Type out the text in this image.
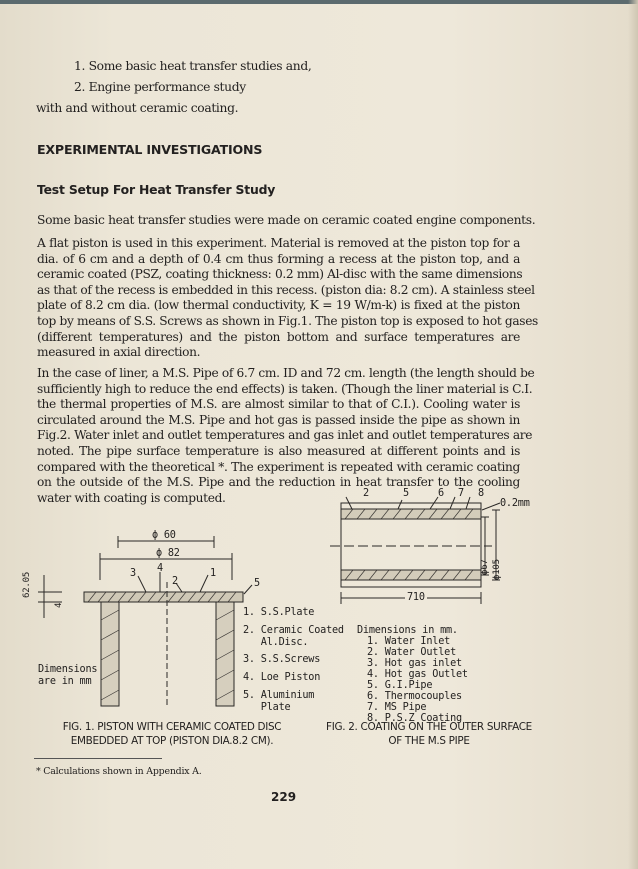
1. Some basic heat transfer studies and,
2. Engine performance study
with and without ceramic coating.
EXPERIMENTAL INVESTIGATIONS
Test Setup For Heat Transfer Study
Some basic heat transfer studies were made on ceramic coated engine components.
A flat piston is used in this experiment. Material is removed at the piston top for a
dia. of 6 cm and a depth of 0.4 cm thus forming a recess at the piston top, and a
ceramic coated (PSZ, coating thickness: 0.2 mm) Al-disc with the same dimensions
as that of the recess is embedded in this recess. (piston dia: 8.2 cm). A stainless steel
plate of 8.2 cm dia. (low thermal conductivity, K = 19 W/m-k) is fixed at the piston
top by means of S.S. Screws as shown in Fig.1. The piston top is exposed to hot gases
(different temperatures) and the piston bottom and surface temperatures are
measured in axial direction.
In the case of liner, a M.S. Pipe of 6.7 cm. ID and 72 cm. length (the length should be
sufficiently high to reduce the end effects) is taken. (Though the liner material is C.I.
the thermal properties of M.S. are almost similar to that of C.I.). Cooling water is
circulated around the M.S. Pipe and hot gas is passed inside the pipe as shown in
Fig.2. Water inlet and outlet temperatures and gas inlet and outlet temperatures are
noted. The pipe surface temperature is also measured at different points and is
compared with the theoretical *. The experiment is repeated with ceramic coating
on the outside of the M.S. Pipe and the reduction in heat transfer to the cooling
water with coating is computed.
ϕ 60
ϕ 82
62.05
4
3 4
2
1
5
Dimensions
are in mm
1. S.S.Plate
2. Ceramic Coated
Al.Disc.
3. S.S.Screws
4. Loe Piston
5. Aluminium
Plate
FIG. 1. PISTON WITH CERAMIC COATED DISC
EMBEDDED AT TOP (PISTON DIA.8.2 CM).
2	5	6 7 8
0.2mm
710
ϕ67 ϕ105
Dimensions in mm.
1. Water Inlet
2. Water Outlet
3. Hot gas inlet
4. Hot gas Outlet
5. G.I.Pipe
6. Thermocouples
7. MS Pipe
8. P.S.Z Coating
FIG. 2. COATING ON THE OUTER SURFACE
OF THE M.S PIPE
* Calculations shown in Appendix A.
229
